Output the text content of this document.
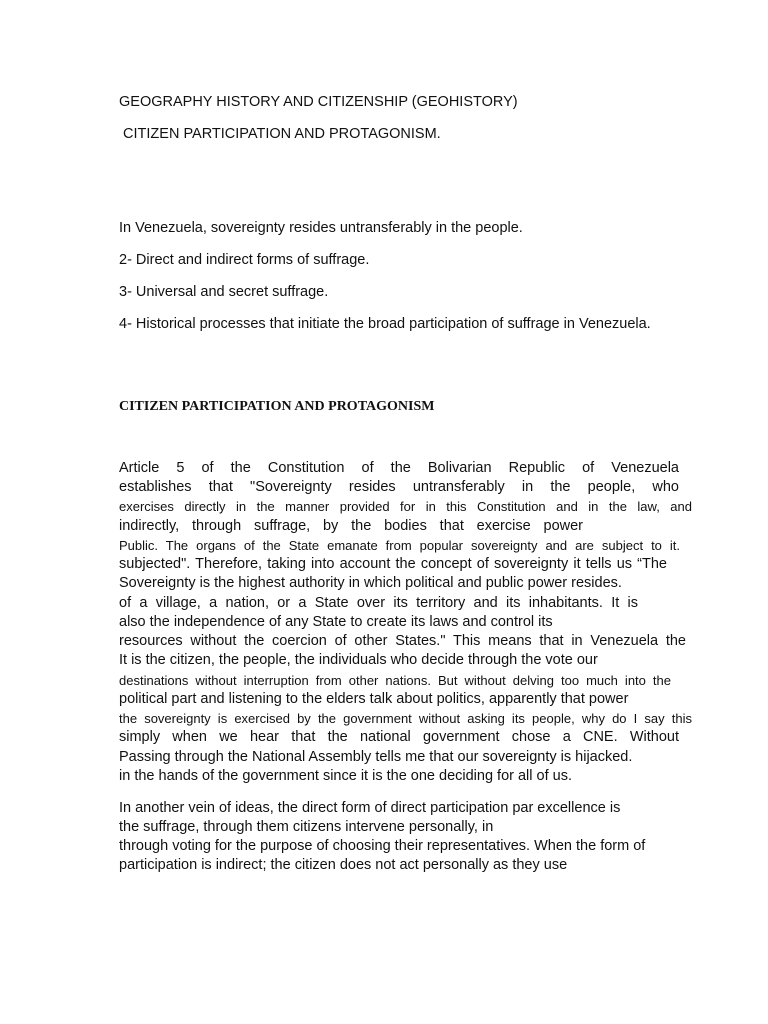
GEOGRAPHY HISTORY AND CITIZENSHIP (GEOHISTORY)

CITIZEN PARTICIPATION AND PROTAGONISM.

In Venezuela, sovereignty resides untransferably in the people.

2- Direct and indirect forms of suffrage.

3- Universal and secret suffrage.

4- Historical processes that initiate the broad participation of suffrage in Venezuela.

CITIZEN PARTICIPATION AND PROTAGONISM

Article 5 of the Constitution of the Bolivarian Republic of Venezuela

establishes that "Sovereignty resides untransferably in the people, who

exercises directly in the manner provided for in this Constitution and in the law, and

indirectly, through suffrage, by the bodies that exercise power

Public. The organs of the State emanate from popular sovereignty and are subject to it.

subjected". Therefore, taking into account the concept of sovereignty it tells us “The

Sovereignty is the highest authority in which political and public power resides.

of a village, a nation, or a State over its territory and its inhabitants. It is

also the independence of any State to create its laws and control its

resources without the coercion of other States." This means that in Venezuela the

It is the citizen, the people, the individuals who decide through the vote our

destinations without interruption from other nations. But without delving too much into the

political part and listening to the elders talk about politics, apparently that power

the sovereignty is exercised by the government without asking its people, why do I say this

simply when we hear that the national government chose a CNE. Without

Passing through the National Assembly tells me that our sovereignty is hijacked.

in the hands of the government since it is the one deciding for all of us.

In another vein of ideas, the direct form of direct participation par excellence is

the suffrage, through them citizens intervene personally, in

through voting for the purpose of choosing their representatives. When the form of

participation is indirect; the citizen does not act personally as they use
